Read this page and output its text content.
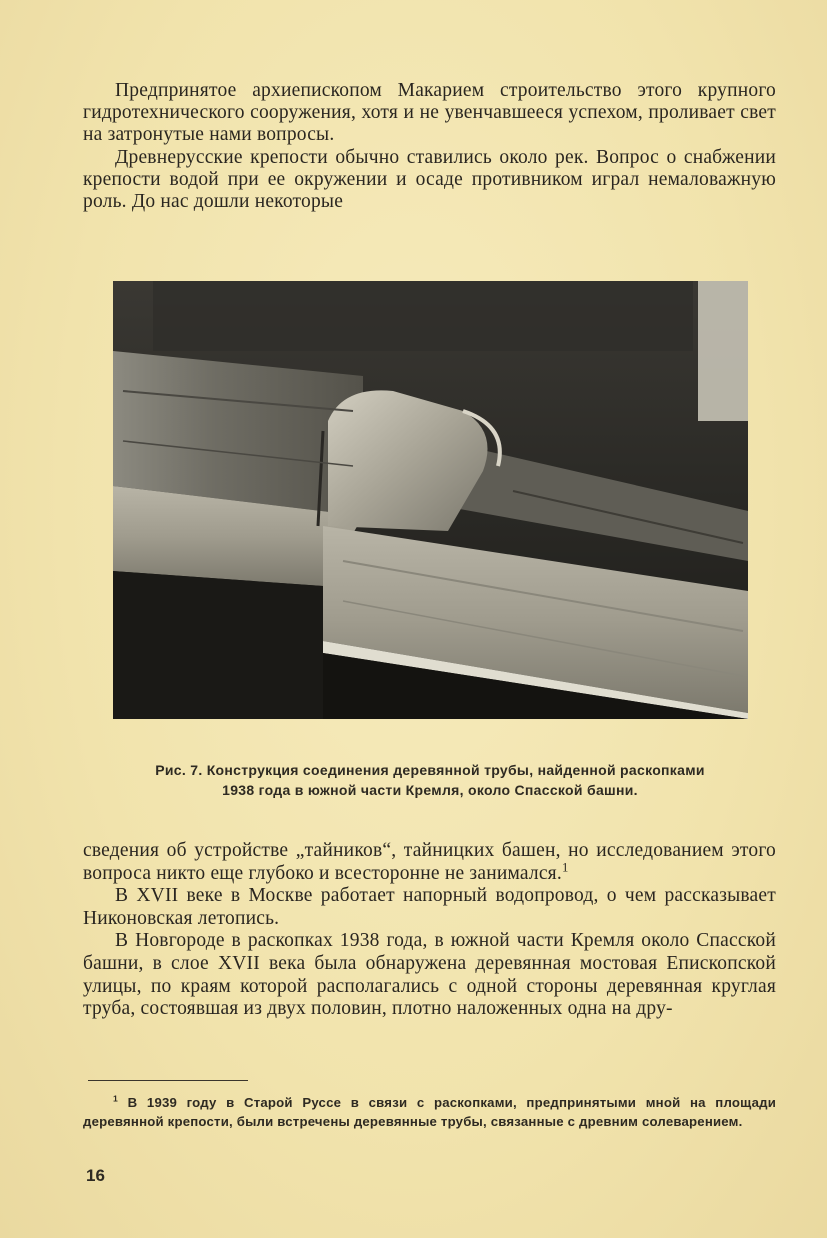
Предпринятое архиепископом Макарием строительство этого крупного гидротехнического сооружения, хотя и не увенчавшееся успехом, проливает свет на затронутые нами вопросы.

Древнерусские крепости обычно ставились около рек. Вопрос о снабжении крепости водой при ее окружении и осаде противником играл немаловажную роль. До нас дошли некоторые

Рис. 7. Конструкция соединения деревянной трубы, найденной раскопками
1938 года в южной части Кремля, около Спасской башни.

сведения об устройстве „тайников“, тайницких башен, но исследованием этого вопроса никто еще глубоко и всесторонне не занимался.$^1$

В XVII веке в Москве работает напорный водопровод, о чем рассказывает Никоновская летопись.

В Новгороде в раскопках 1938 года, в южной части Кремля около Спасской башни, в слое XVII века была обнаружена деревянная мостовая Епископской улицы, по краям которой располагались с одной стороны деревянная круглая труба, состоявшая из двух половин, плотно наложенных одна на дру-

$^1$ В 1939 году в Старой Руссе в связи с раскопками, предпринятыми мной на площади деревянной крепости, были встречены деревянные трубы, связанные с древним солеварением.
16
